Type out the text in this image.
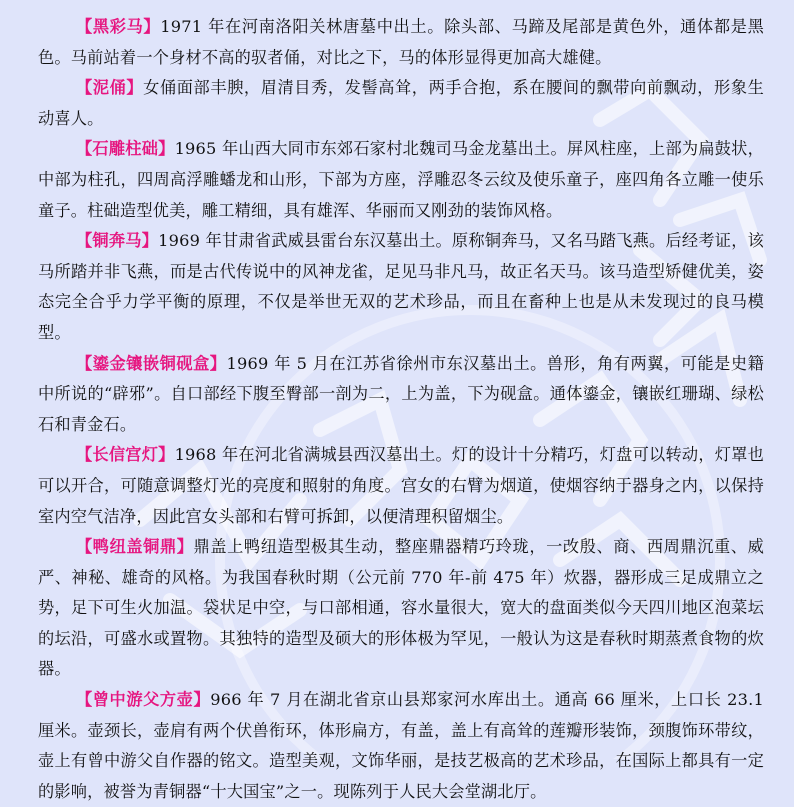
【黑彩马】1971 年在河南洛阳关林唐墓中出土。除头部、马蹄及尾部是黄色外，通体都是黑色。马前站着一个身材不高的驭者俑，对比之下，马的体形显得更加高大雄健。

【泥俑】女俑面部丰腴，眉清目秀，发髻高耸，两手合抱，系在腰间的飘带向前飘动，形象生动喜人。

【石雕柱础】1965 年山西大同市东郊石家村北魏司马金龙墓出土。屏风柱座，上部为扁鼓状，中部为柱孔，四周高浮雕蟠龙和山形，下部为方座，浮雕忍冬云纹及使乐童子，座四角各立雕一使乐童子。柱础造型优美，雕工精细，具有雄浑、华丽而又刚劲的装饰风格。

【铜奔马】1969 年甘肃省武威县雷台东汉墓出土。原称铜奔马，又名马踏飞燕。后经考证，该马所踏并非飞燕，而是古代传说中的风神龙雀，足见马非凡马，故正名天马。该马造型矫健优美，姿态完全合乎力学平衡的原理，不仅是举世无双的艺术珍品，而且在畜种上也是从未发现过的良马模型。

【鎏金镶嵌铜砚盒】1969 年 5 月在江苏省徐州市东汉墓出土。兽形，角有两翼，可能是史籍中所说的“辟邪”。自口部经下腹至臀部一剖为二，上为盖，下为砚盒。通体鎏金，镶嵌红珊瑚、绿松石和青金石。

【长信宫灯】1968 年在河北省满城县西汉墓出土。灯的设计十分精巧，灯盘可以转动，灯罩也可以开合，可随意调整灯光的亮度和照射的角度。宫女的右臂为烟道，使烟容纳于器身之内，以保持室内空气洁净，因此宫女头部和右臂可拆卸，以便清理积留烟尘。

【鸭纽盖铜鼎】鼎盖上鸭纽造型极其生动，整座鼎器精巧玲珑，一改殷、商、西周鼎沉重、威严、神秘、雄奇的风格。为我国春秋时期（公元前 770 年-前 475 年）炊器，器形成三足成鼎立之势，足下可生火加温。袋状足中空，与口部相通，容水量很大，宽大的盘面类似今天四川地区泡菜坛的坛沿，可盛水或置物。其独特的造型及硕大的形体极为罕见，一般认为这是春秋时期蒸煮食物的炊器。

【曾中游父方壶】966 年 7 月在湖北省京山县郑家河水库出土。通高 66 厘米，上口长 23.1 厘米。壶颈长，壶肩有两个伏兽衔环，体形扁方，有盖，盖上有高耸的莲瓣形装饰，颈腹饰环带纹，壶上有曾中游父自作器的铭文。造型美观，文饰华丽，是技艺极高的艺术珍品，在国际上都具有一定的影响，被誉为青铜器“十大国宝”之一。现陈列于人民大会堂湖北厅。
